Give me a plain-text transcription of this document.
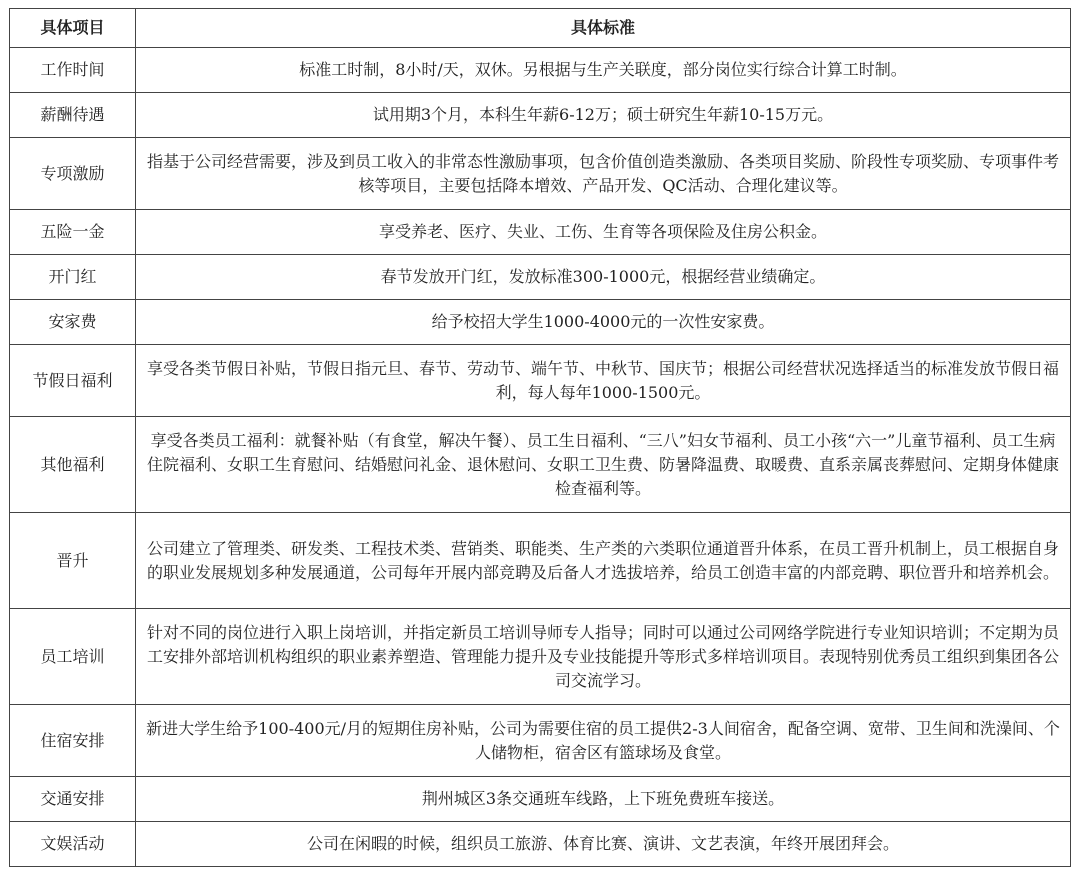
具体项目	具体标准
工作时间	标准工时制，8小时/天，双休。另根据与生产关联度，部分岗位实行综合计算工时制。
薪酬待遇	试用期3个月，本科生年薪6-12万；硕士研究生年薪10-15万元。
专项激励	指基于公司经营需要，涉及到员工收入的非常态性激励事项，包含价值创造类激励、各类项目奖励、阶段性专项奖励、专项事件考核等项目，主要包括降本增效、产品开发、QC活动、合理化建议等。
五险一金	享受养老、医疗、失业、工伤、生育等各项保险及住房公积金。
开门红	春节发放开门红，发放标准300-1000元，根据经营业绩确定。
安家费	给予校招大学生1000-4000元的一次性安家费。
节假日福利	享受各类节假日补贴，节假日指元旦、春节、劳动节、端午节、中秋节、国庆节；根据公司经营状况选择适当的标准发放节假日福利，每人每年1000-1500元。
其他福利	享受各类员工福利：就餐补贴（有食堂，解决午餐）、员工生日福利、“三八”妇女节福利、员工小孩“六一”儿童节福利、员工生病住院福利、女职工生育慰问、结婚慰问礼金、退休慰问、女职工卫生费、防暑降温费、取暖费、直系亲属丧葬慰问、定期身体健康检查福利等。
晋升	公司建立了管理类、研发类、工程技术类、营销类、职能类、生产类的六类职位通道晋升体系，在员工晋升机制上，员工根据自身的职业发展规划多种发展通道，公司每年开展内部竞聘及后备人才选拔培养，给员工创造丰富的内部竞聘、职位晋升和培养机会。
员工培训	针对不同的岗位进行入职上岗培训，并指定新员工培训导师专人指导；同时可以通过公司网络学院进行专业知识培训；不定期为员工安排外部培训机构组织的职业素养塑造、管理能力提升及专业技能提升等形式多样培训项目。表现特别优秀员工组织到集团各公司交流学习。
住宿安排	新进大学生给予100-400元/月的短期住房补贴，公司为需要住宿的员工提供2-3人间宿舍，配备空调、宽带、卫生间和洗澡间、个人储物柜，宿舍区有篮球场及食堂。
交通安排	荆州城区3条交通班车线路，上下班免费班车接送。
文娱活动	公司在闲暇的时候，组织员工旅游、体育比赛、演讲、文艺表演，年终开展团拜会。
